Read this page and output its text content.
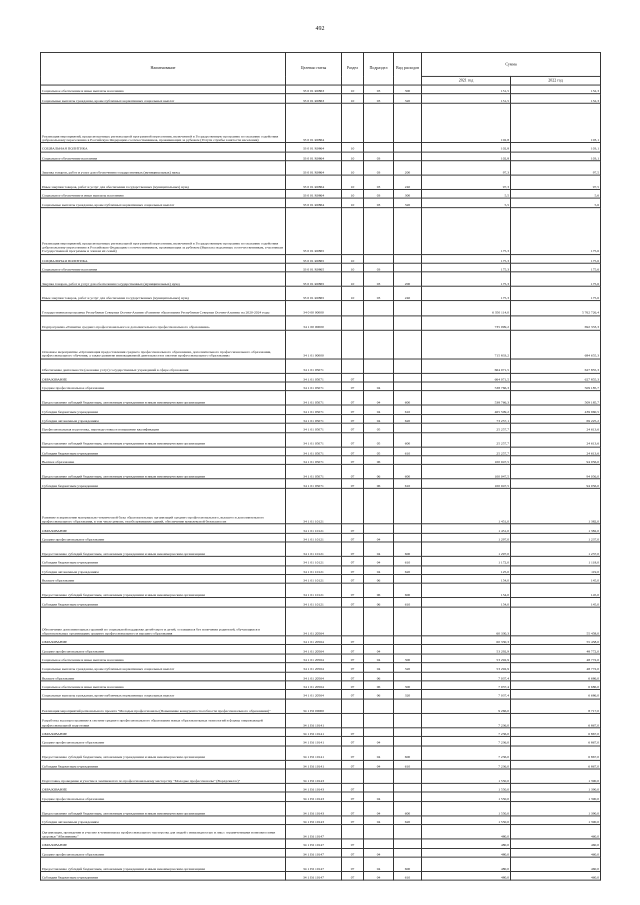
492
Наименование	Целевая статья	Раздел	Подраздел	Вид расходов	Сумма	
					2021 год	2022 год
Социальное обеспечение и иные выплаты населению	33 0 01 R0863	10	03	300	151,5	152,3
Социальные выплаты гражданам, кроме публичных нормативных социальных выплат	33 0 01 R0863	10	03	320	151,5	152,3
Реализация мероприятий, предусмотренных региональной программой переселения, включенной в Государственную программу по оказанию содействия добровольному переселению в Российскую Федерацию соотечественников, проживающих за рубежом (Услуги службы занятости населения)	33 0 01 R0864				102,8	103,1
СОЦИАЛЬНАЯ ПОЛИТИКА	33 0 01 R0864	10			102,8	103,1
Социальное обеспечение населения	33 0 01 R0864	10	03		102,8	103,1
Закупка товаров, работ и услуг для обеспечения государственных (муниципальных) нужд	33 0 01 R0864	10	03	200	97,3	97,5
Иные закупки товаров, работ и услуг для обеспечения государственных (муниципальных) нужд	33 0 01 R0864	10	03	240	97,3	97,5
Социальное обеспечение и иные выплаты населению	33 0 01 R0864	10	03	300	5,5	5,6
Социальные выплаты гражданам, кроме публичных нормативных социальных выплат	33 0 01 R0864	10	03	320	5,5	5,6
Реализация мероприятий, предусмотренных региональной программой переселения, включенной в Государственную программу по оказанию содействия добровольному переселению в Российскую Федерацию соотечественников, проживающих за рубежом (Выплата подъемных соотечественникам, участникам Государственной программы и членам их семей)	33 0 01 R0865				175,3	175,6
СОЦИАЛЬНАЯ ПОЛИТИКА	33 0 01 R0865	10			175,3	175,6
Социальное обеспечение населения	33 0 01 R0865	10	03		175,3	175,6
Закупка товаров, работ и услуг для обеспечения государственных (муниципальных) нужд	33 0 01 R0865	10	03	200	175,3	175,6
Иные закупки товаров, работ и услуг для обеспечения государственных (муниципальных) нужд	33 0 01 R0865	10	03	240	175,3	175,6
Государственная программа Республики Северная Осетия-Алания «Развитие образования Республики Северная Осетия-Алания» на 2020-2024 годы	34 0 00 00000				6 350 114,0	5 762 726,4
Подпрограмма «Развитие среднего профессионального и дополнительного профессионального образования»	34 1 00 00000				735 099,2	692 333,3
Основное мероприятие «Организация предоставления среднего профессионального образования, дополнительного профессионального образования, профессионального обучения, а также развитие инновационной деятельности в системе профессионального образования»	34 1 01 00000				715 833,2	684 655,3
Обеспечение деятельности (оказание услуг) государственных учреждений в сфере образования	34 1 01 05071				664 071,5	627 855,3
ОБРАЗОВАНИЕ	34 1 01 05071	07			664 071,5	627 855,3
Среднее профессиональное образование	34 1 01 05071	07	04		538 766,3	509 185,7
Предоставление субсидий бюджетным, автономным учреждениям и иным некоммерческим организациям	34 1 01 05071	07	04	600	538 766,3	509 185,7
Субсидии бюджетным учреждениям	34 1 01 05071	07	04	610	465 509,2	439 960,5
Субсидии автономным учреждениям	34 1 01 05071	07	04	620	73 257,1	69 225,2
Профессиональная подготовка, переподготовка и повышение квалификации	34 1 01 05071	07	05		25 257,7	24 613,6
Предоставление субсидий бюджетным, автономным учреждениям и иным некоммерческим организациям	34 1 01 05071	07	05	600	25 257,7	24 613,6
Субсидии бюджетным учреждениям	34 1 01 05071	07	05	610	25 257,7	24 613,6
Высшее образование	34 1 01 05071	07	06		100 047,5	94 056,0
Предоставление субсидий бюджетным, автономным учреждениям и иным некоммерческим организациям	34 1 01 05071	07	06	600	100 047,5	94 056,0
Субсидии бюджетным учреждениям	34 1 01 05071	07	06	610	100 047,5	94 056,0
Развитие и укрепление материально-технической базы образовательных организаций среднего профессионального, высшего и дополнительного профессионального образования, в том числе ремонт, техобслуживание зданий, обеспечение комплексной безопасности	34 1 01 10121				1 451,0	1 382,0
ОБРАЗОВАНИЕ	34 1 01 10121	07			1 451,0	1 382,0
Среднее профессиональное образование	34 1 01 10121	07	04		1 297,0	1 237,0
Предоставление субсидий бюджетным, автономным учреждениям и иным некоммерческим организациям	34 1 01 10121	07	04	600	1 297,0	1 237,0
Субсидии бюджетным учреждениям	34 1 01 10121	07	04	610	1 172,0	1 118,0
Субсидии автономным учреждениям	34 1 01 10121	07	04	620	125,0	119,0
Высшее образование	34 1 01 10121	07	06		154,0	145,0
Предоставление субсидий бюджетным, автономным учреждениям и иным некоммерческим организациям	34 1 01 10121	07	06	600	154,0	145,0
Субсидии бюджетным учреждениям	34 1 01 10121	07	06	610	154,0	145,0
Обеспечение дополнительных гарантий по социальной поддержке детей-сирот и детей, оставшихся без попечения родителей, обучающихся в образовательных организациях среднего профессионального и высшего образования	34 1 01 20564				60 330,3	55 458,0
ОБРАЗОВАНИЕ	34 1 01 20564	07			60 330,3	55 458,0
Среднее профессиональное образование	34 1 01 20564	07	04		53 292,9	48 772,0
Социальное обеспечение и иные выплаты населению	34 1 01 20564	07	04	300	53 292,9	48 772,0
Социальные выплаты гражданам, кроме публичных нормативных социальных выплат	34 1 01 20564	07	04	320	53 292,9	48 772,0
Высшее образование	34 1 01 20564	07	06		7 037,4	6 686,0
Социальное обеспечение и иные выплаты населению	34 1 01 20564	07	06	300	7 037,4	6 686,0
Социальные выплаты гражданам, кроме публичных нормативных социальных выплат	34 1 01 20564	07	06	320	7 037,4	6 686,0
Реализация мероприятий регионального проекта "Молодые профессионалы (Повышение конкурентоспособности профессионального образования)"	34 1 E6 00000				9 266,0	8 717,0
Разработка и распространение в системе среднего профессионального образования новых образовательных технологий и формы опережающей профессиональной подготовки	34 1 E6 10141				7 236,0	6 867,0
ОБРАЗОВАНИЕ	34 1 E6 10141	07			7 236,0	6 867,0
Среднее профессиональное образование	34 1 E6 10141	07	04		7 236,0	6 867,0
Предоставление субсидий бюджетным, автономным учреждениям и иным некоммерческим организациям	34 1 E6 10141	07	04	600	7 236,0	6 867,0
Субсидии бюджетным учреждениям	34 1 E6 10141	07	04	610	7 236,0	6 867,0
Подготовка, проведение и участие в чемпионатах по профессиональному мастерству "Молодые профессионалы" (Ворлдскиллс)"	34 1 E6 10143				1 550,0	1 390,0
ОБРАЗОВАНИЕ	34 1 E6 10143	07			1 550,0	1 390,0
Среднее профессиональное образование	34 1 E6 10143	07	04		1 550,0	1 390,0
Предоставление субсидий бюджетным, автономным учреждениям и иным некоммерческим организациям	34 1 E6 10143	07	04	600	1 550,0	1 390,0
Субсидии автономным учреждениям	34 1 E6 10143	07	04	620	1 550,0	1 390,0
Организация, проведение и участие в чемпионатах профессионального мастерства для людей с инвалидностью и лиц с ограниченными возможностями здоровья "Абилимпикс"	34 1 E6 10147				480,0	460,0
ОБРАЗОВАНИЕ	34 1 E6 10147	07			480,0	460,0
Среднее профессиональное образование	34 1 E6 10147	07	04		480,0	460,0
Предоставление субсидий бюджетным, автономным учреждениям и иным некоммерческим организациям	34 1 E6 10147	07	04	600	480,0	460,0
Субсидии бюджетным учреждениям	34 1 E6 10147	07	04	610	480,0	460,0
